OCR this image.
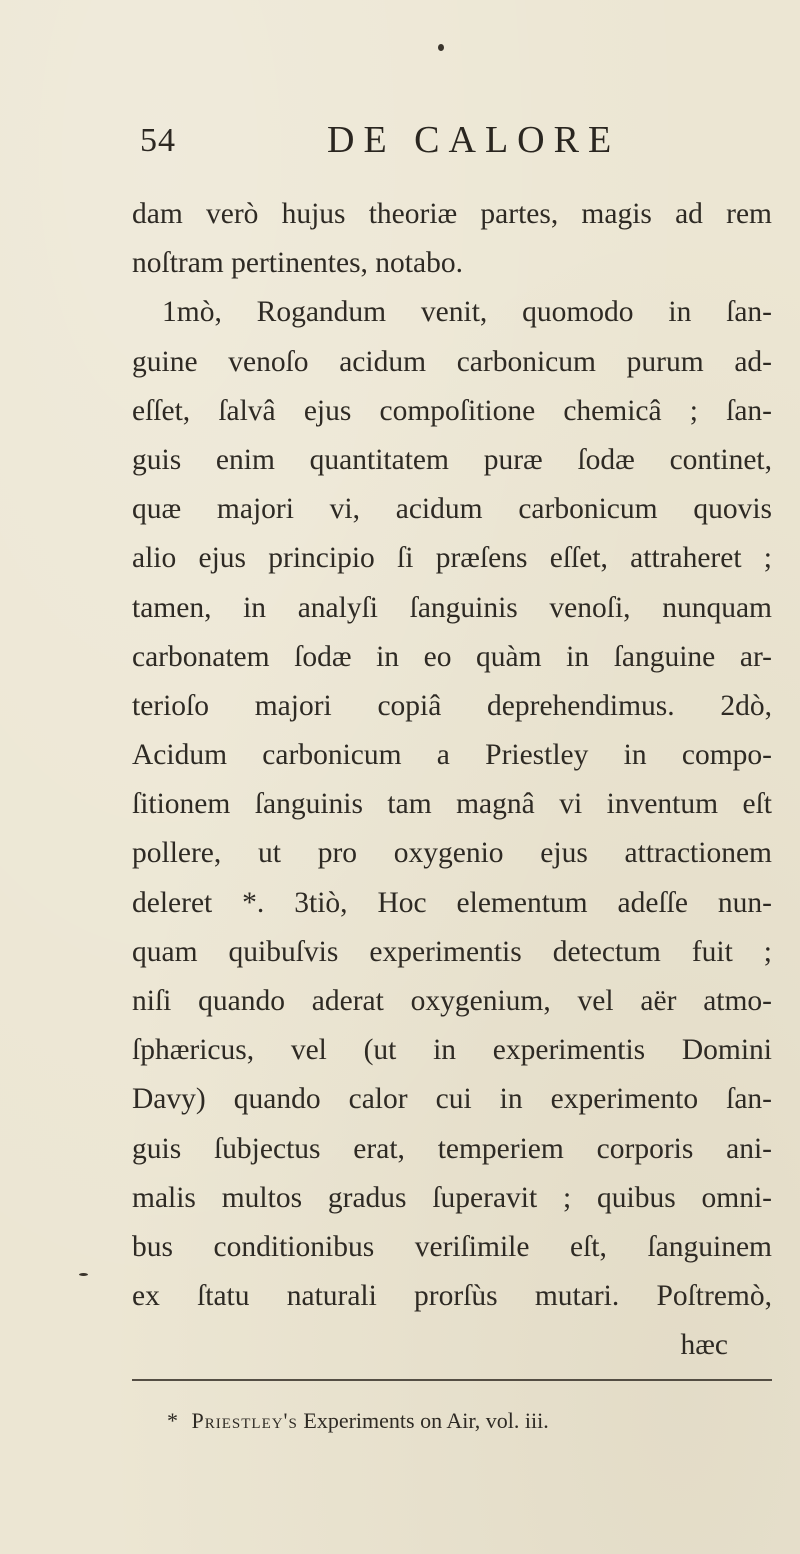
54	DE CALORE
dam verò hujus theoriæ partes, magis ad rem
noſtram pertinentes, notabo.
1mò, Rogandum venit, quomodo in ſan-
guine venoſo acidum carbonicum purum ad-
eſſet, ſalvâ ejus compoſitione chemicâ ; ſan-
guis enim quantitatem puræ ſodæ continet,
quæ majori vi, acidum carbonicum quovis
alio ejus principio ſi præſens eſſet, attraheret ;
tamen, in analyſi ſanguinis venoſi, nunquam
carbonatem ſodæ in eo quàm in ſanguine ar-
terioſo majori copiâ deprehendimus. 2dò,
Acidum carbonicum a Priestley in compo-
ſitionem ſanguinis tam magnâ vi inventum eſt
pollere, ut pro oxygenio ejus attractionem
deleret *. 3tiò, Hoc elementum adeſſe nun-
quam quibuſvis experimentis detectum fuit ;
niſi quando aderat oxygenium, vel aër atmo-
ſphæricus, vel (ut in experimentis Domini
Davy) quando calor cui in experimento ſan-
guis ſubjectus erat, temperiem corporis ani-
malis multos gradus ſuperavit ; quibus omni-
bus conditionibus veriſimile eſt, ſanguinem
ex ſtatu naturali prorſùs mutari. Poſtremò,
hæc
* Priestley's Experiments on Air, vol. iii.
